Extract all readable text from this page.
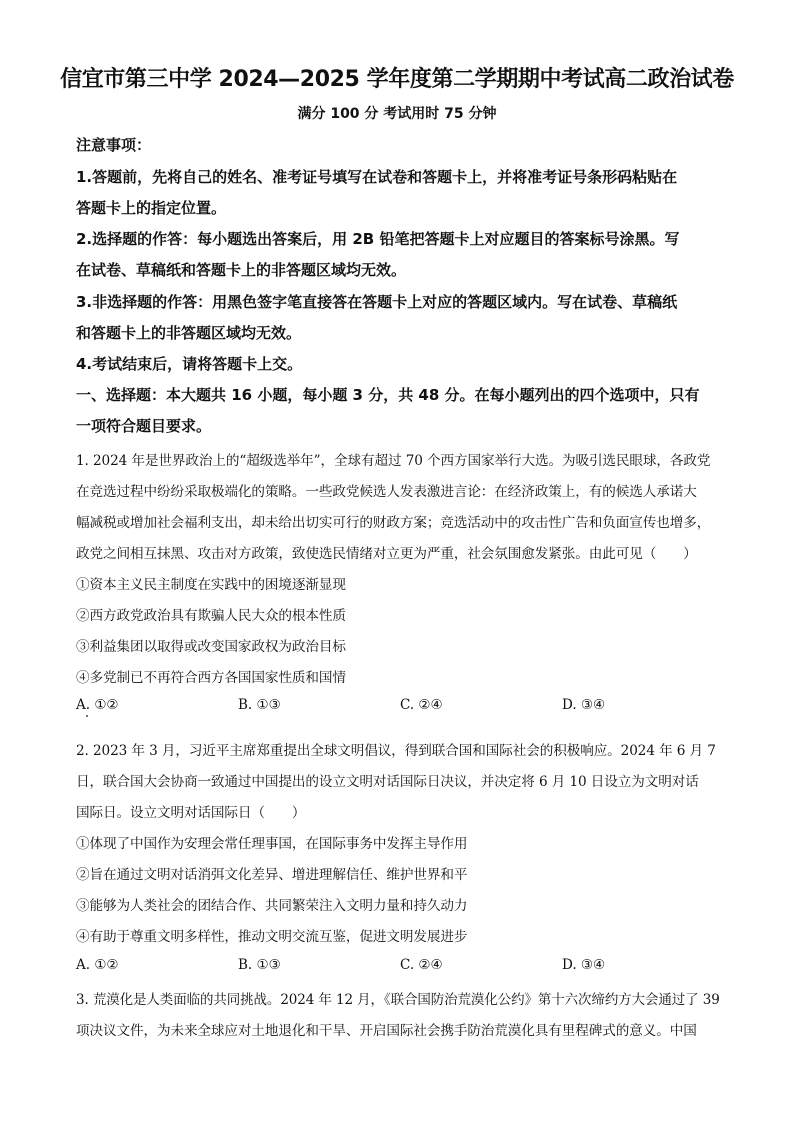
信宜市第三中学 2024—2025 学年度第二学期期中考试高二政治试卷
满分 100 分 考试用时 75 分钟
注意事项：
1.答题前，先将自己的姓名、准考证号填写在试卷和答题卡上，并将准考证号条形码粘贴在
答题卡上的指定位置。
2.选择题的作答：每小题选出答案后，用 2B 铅笔把答题卡上对应题目的答案标号涂黑。写
在试卷、草稿纸和答题卡上的非答题区域均无效。
3.非选择题的作答：用黑色签字笔直接答在答题卡上对应的答题区域内。写在试卷、草稿纸
和答题卡上的非答题区域均无效。
4.考试结束后，请将答题卡上交。
一、选择题：本大题共 16 小题，每小题 3 分，共 48 分。在每小题列出的四个选项中，只有
一项符合题目要求。
1. 2024 年是世界政治上的“超级选举年”，全球有超过 70 个西方国家举行大选。为吸引选民眼球，各政党
在竞选过程中纷纷采取极端化的策略。一些政党候选人发表激进言论：在经济政策上，有的候选人承诺大
幅减税或增加社会福利支出，却未给出切实可行的财政方案；竞选活动中的攻击性广告和负面宣传也增多，
政党之间相互抹黑、攻击对方政策，致使选民情绪对立更为严重，社会氛围愈发紧张。由此可见（　　）
①资本主义民主制度在实践中的困境逐渐显现
②西方政党政治具有欺骗人民大众的根本性质
③利益集团以取得或改变国家政权为政治目标
④多党制已不再符合西方各国国家性质和国情
A. ①②	B. ①③	C. ②④	D. ③④
2. 2023 年 3 月，习近平主席郑重提出全球文明倡议，得到联合国和国际社会的积极响应。2024 年 6 月 7
日，联合国大会协商一致通过中国提出的设立文明对话国际日决议，并决定将 6 月 10 日设立为文明对话
国际日。设立文明对话国际日（　　）
①体现了中国作为安理会常任理事国，在国际事务中发挥主导作用
②旨在通过文明对话消弭文化差异、增进理解信任、维护世界和平
③能够为人类社会的团结合作、共同繁荣注入文明力量和持久动力
④有助于尊重文明多样性，推动文明交流互鉴，促进文明发展进步
A. ①②	B. ①③	C. ②④	D. ③④
3. 荒漠化是人类面临的共同挑战。2024 年 12 月，《联合国防治荒漠化公约》第十六次缔约方大会通过了 39
项决议文件，为未来全球应对土地退化和干旱、开启国际社会携手防治荒漠化具有里程碑式的意义。中国
